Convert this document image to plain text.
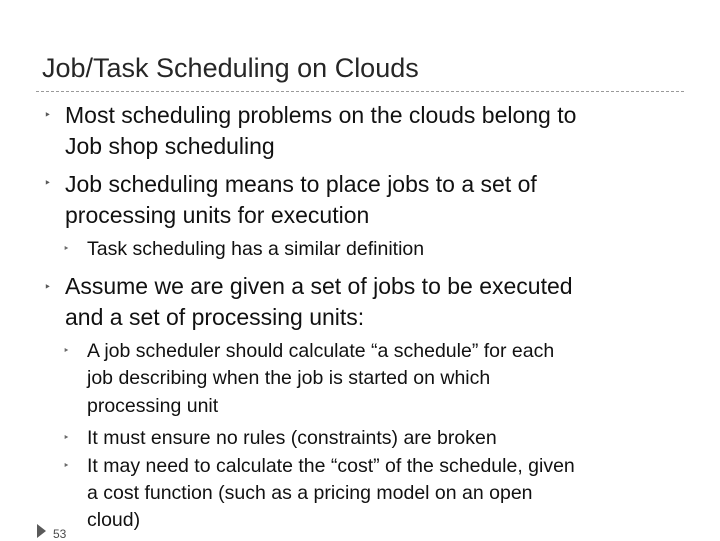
Job/Task Scheduling on Clouds
‣ Most scheduling problems on the clouds belong to
Job shop scheduling
‣ Job scheduling means to place jobs to a set of
processing units for execution
‣ Task scheduling has a similar definition
‣ Assume we are given a set of jobs to be executed
and a set of processing units:
‣ A job scheduler should calculate “a schedule” for each
job describing when the job is started on which
processing unit
‣ It must ensure no rules (constraints) are broken
‣ It may need to calculate the “cost” of the schedule, given
a cost function (such as a pricing model on an open
cloud)
53
